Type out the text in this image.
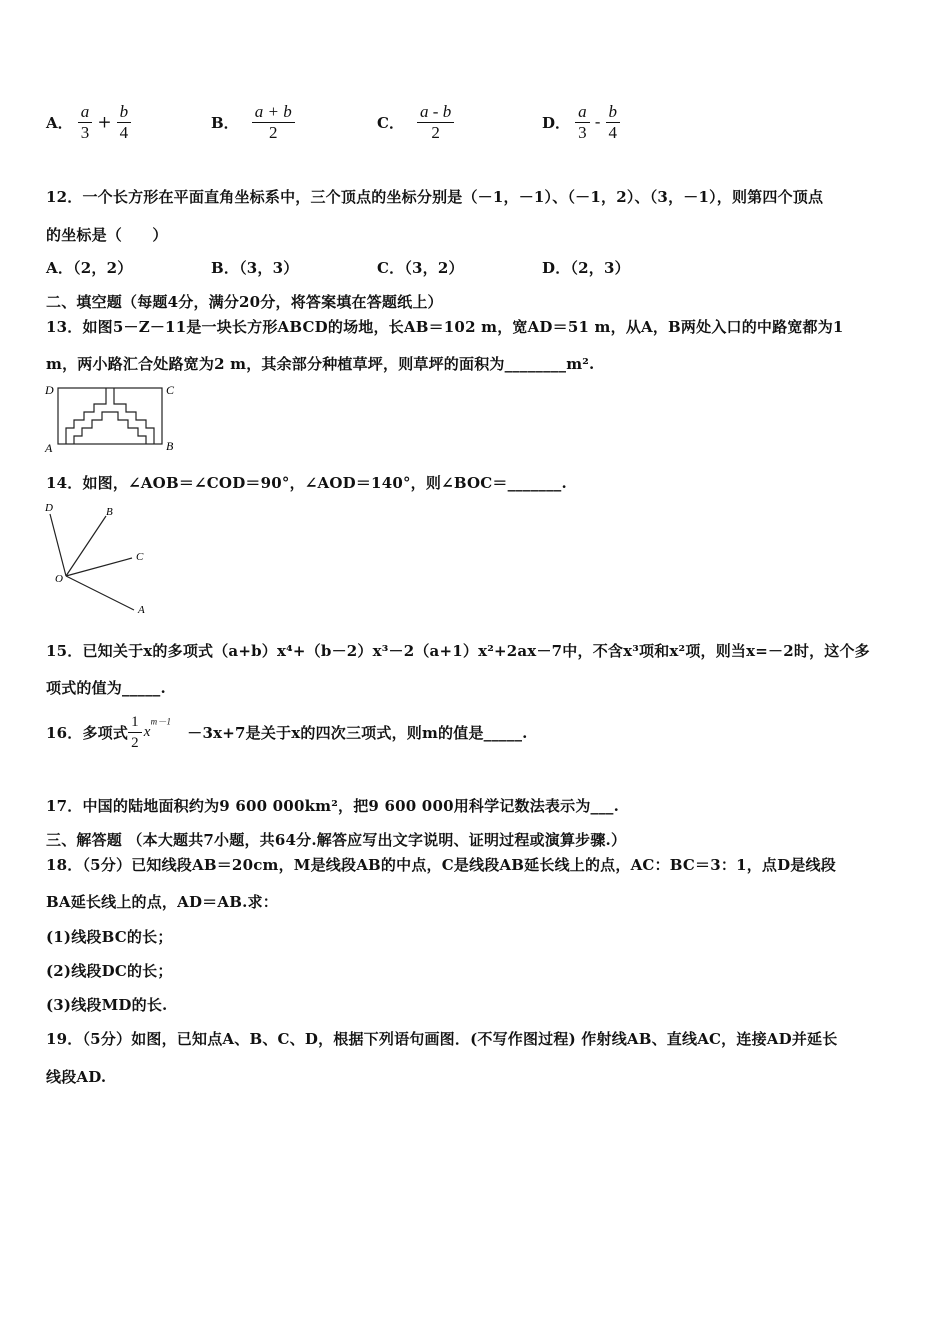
A． $\frac{a}{3} + \frac{b}{4}$	B． $\frac{a + b}{2}$	C． $\frac{a - b}{2}$	D． $\frac{a}{3} - \frac{b}{4}$
12．一个长方形在平面直角坐标系中，三个顶点的坐标分别是（－1，－1）、（－1，2）、（3，－1），则第四个顶点
的坐标是（　　）
A．（2，2）	B．（3，3）	C．（3，2）	D．（2，3）
二、填空题（每题4分，满分20分，将答案填在答题纸上）
13．如图5－Z－11是一块长方形ABCD的场地，长AB＝102 m，宽AD＝51 m，从A，B两处入口的中路宽都为1
m，两小路汇合处路宽为2 m，其余部分种植草坪，则草坪的面积为________m².
D	C
A	B
14．如图，∠AOB＝∠COD＝90°，∠AOD＝140°，则∠BOC＝_______.
D	B
C
O
A
15．已知关于x的多项式（a+b）x⁴+（b－2）x³－2（a+1）x²+2ax－7中，不含x³项和x²项，则当x=－2时，这个多
项式的值为_____.
16．多项式 $\frac{1}{2} x^{m-1}-3x+7$是关于x的四次三项式，则m的值是_____.
17．中国的陆地面积约为9 600 000km²，把9 600 000用科学记数法表示为___.
三、解答题 （本大题共7小题，共64分.解答应写出文字说明、证明过程或演算步骤.）
18．（5分）已知线段AB＝20cm，M是线段AB的中点，C是线段AB延长线上的点，AC：BC＝3：1，点D是线段
BA延长线上的点，AD＝AB.求：
(1)线段BC的长；
(2)线段DC的长；
(3)线段MD的长.
19．（5分）如图，已知点A、B、C、D，根据下列语句画图．(不写作图过程) 作射线AB、直线AC，连接AD并延长
线段AD.
